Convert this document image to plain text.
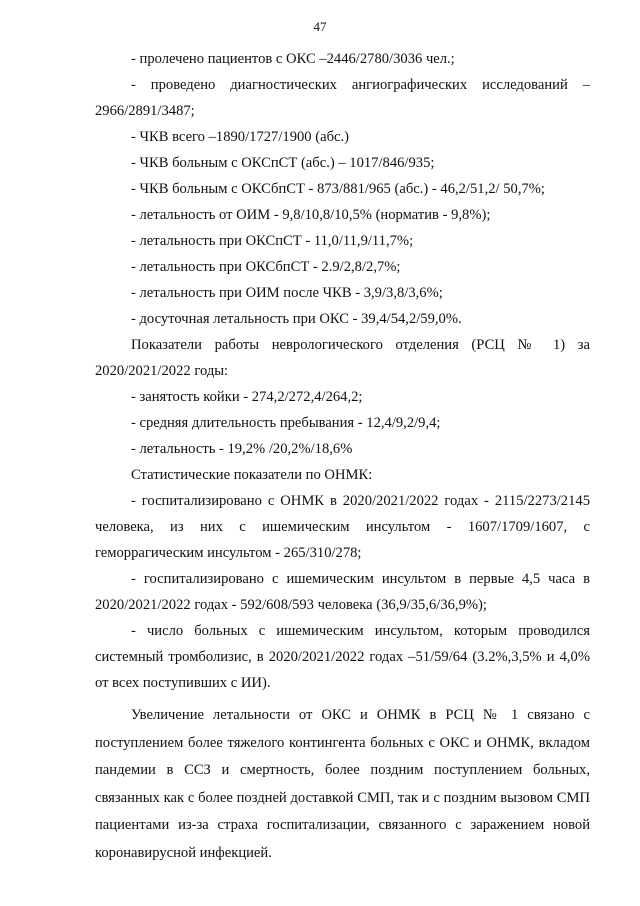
47

- пролечено пациентов с ОКС –2446/2780/3036 чел.;

- проведено диагностических ангиографических исследований – 2966/2891/3487;

- ЧКВ всего –1890/1727/1900 (абс.)

- ЧКВ больным с ОКСпСТ (абс.) – 1017/846/935;

- ЧКВ больным с ОКСбпСТ - 873/881/965 (абс.) - 46,2/51,2/ 50,7%;

- летальность от ОИМ - 9,8/10,8/10,5% (норматив - 9,8%);

- летальность при ОКСпСТ - 11,0/11,9/11,7%;

- летальность при ОКСбпСТ - 2.9/2,8/2,7%;

- летальность при ОИМ после ЧКВ - 3,9/3,8/3,6%;

- досуточная летальность при ОКС - 39,4/54,2/59,0%.

Показатели работы неврологического отделения (РСЦ № 1) за 2020/2021/2022 годы:

- занятость койки - 274,2/272,4/264,2;

- средняя длительность пребывания - 12,4/9,2/9,4;

- летальность - 19,2% /20,2%/18,6%

Статистические показатели по ОНМК:

- госпитализировано с ОНМК в 2020/2021/2022 годах - 2115/2273/2145 человека, из них с ишемическим инсультом - 1607/1709/1607, с геморрагическим инсультом - 265/310/278;

- госпитализировано с ишемическим инсультом в первые 4,5 часа в 2020/2021/2022 годах - 592/608/593 человека (36,9/35,6/36,9%);

- число больных с ишемическим инсультом, которым проводился системный тромболизис, в 2020/2021/2022 годах –51/59/64 (3.2%,3,5% и 4,0% от всех поступивших с ИИ).

Увеличение летальности от ОКС и ОНМК в РСЦ № 1 связано с поступлением более тяжелого контингента больных с ОКС и ОНМК, вкладом пандемии в ССЗ и смертность, более поздним поступлением больных, связанных как с более поздней доставкой СМП, так и с поздним вызовом СМП пациентами из-за страха госпитализации, связанного с заражением новой коронавирусной инфекцией.
